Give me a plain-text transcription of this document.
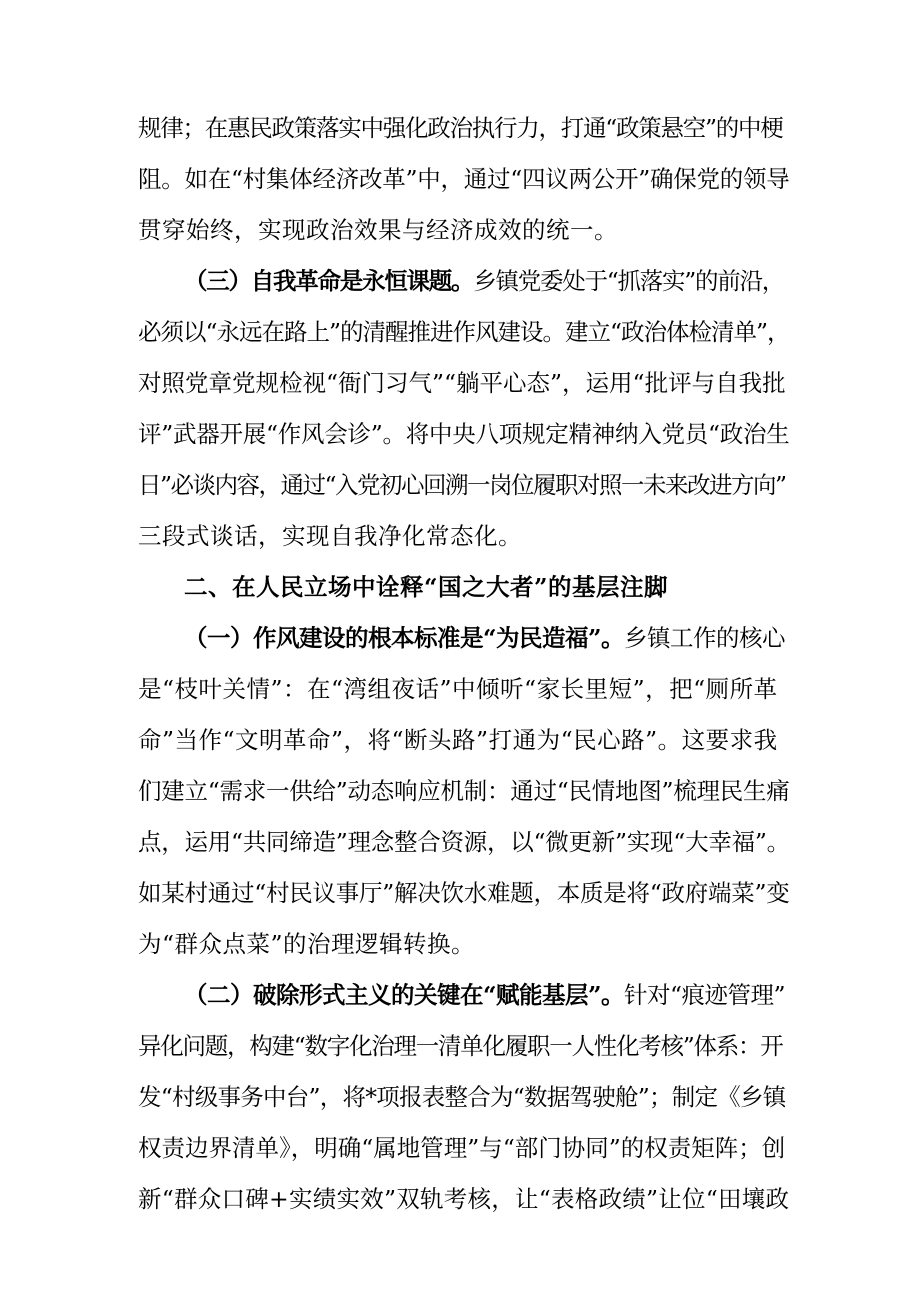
规律；在惠民政策落实中强化政治执行力，打通“政策悬空”的中梗
阻。如在“村集体经济改革”中，通过“四议两公开”确保党的领导
贯穿始终，实现政治效果与经济成效的统一。
（三）自我革命是永恒课题。乡镇党委处于“抓落实”的前沿，
必须以“永远在路上”的清醒推进作风建设。建立“政治体检清单”，
对照党章党规检视“衙门习气”“躺平心态”，运用“批评与自我批
评”武器开展“作风会诊”。将中央八项规定精神纳入党员“政治生
日”必谈内容，通过“入党初心回溯一岗位履职对照一未来改进方向”
三段式谈话，实现自我净化常态化。
二、在人民立场中诠释“国之大者”的基层注脚
（一）作风建设的根本标准是“为民造福”。乡镇工作的核心
是“枝叶关情”：在“湾组夜话”中倾听“家长里短”，把“厕所革
命”当作“文明革命”，将“断头路”打通为“民心路”。这要求我
们建立“需求一供给”动态响应机制：通过“民情地图”梳理民生痛
点，运用“共同缔造”理念整合资源，以“微更新”实现“大幸福”。
如某村通过“村民议事厅”解决饮水难题，本质是将“政府端菜”变
为“群众点菜”的治理逻辑转换。
（二）破除形式主义的关键在“赋能基层”。针对“痕迹管理”
异化问题，构建“数字化治理一清单化履职一人性化考核”体系：开
发“村级事务中台”，将*项报表整合为“数据驾驶舱”；制定《乡镇
权责边界清单》，明确“属地管理”与“部门协同”的权责矩阵；创
新“群众口碑+实绩实效”双轨考核，让“表格政绩”让位“田壤政
